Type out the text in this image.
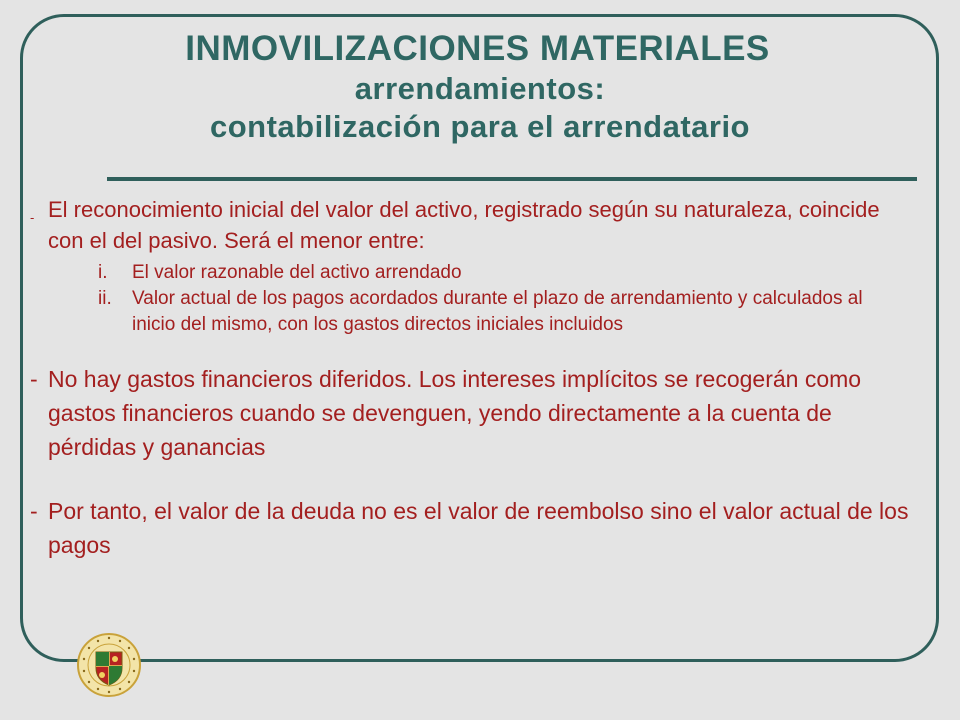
INMOVILIZACIONES MATERIALES
arrendamientos:
contabilización para el arrendatario
- El reconocimiento inicial del valor del activo, registrado según su naturaleza, coincide con el del pasivo. Será el menor entre:
i.	El valor razonable del activo arrendado
ii.	Valor actual de los pagos acordados durante el plazo de arrendamiento y calculados al inicio del mismo, con los gastos directos iniciales incluidos
- No hay gastos financieros diferidos. Los intereses implícitos se recogerán como gastos financieros cuando se devenguen, yendo directamente a la cuenta de pérdidas y ganancias
- Por tanto, el valor de la deuda no es el valor de reembolso sino el valor actual de los pagos
